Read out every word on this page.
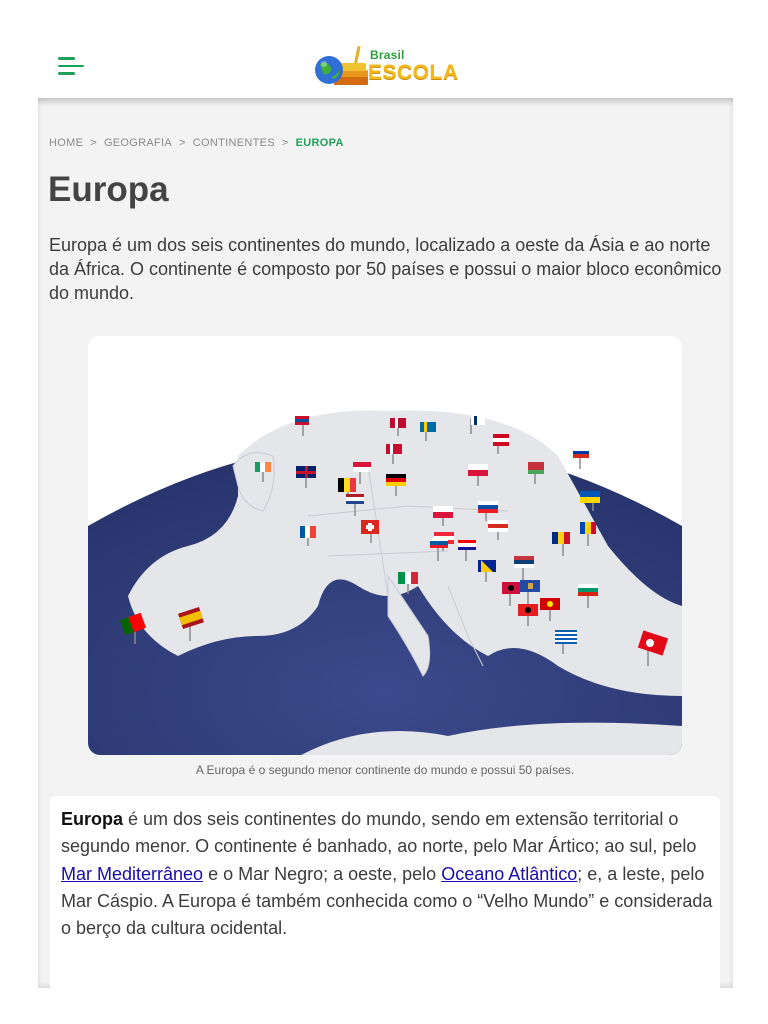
Brasil
ESCOLA
HOME > GEOGRAFIA > CONTINENTES > EUROPA
Europa

Europa é um dos seis continentes do mundo, localizado a oeste da Ásia e ao norte da África. O continente é composto por 50 países e possui o maior bloco econômico do mundo.

A Europa é o segundo menor continente do mundo e possui 50 países.

Europa é um dos seis continentes do mundo, sendo em extensão territorial o segundo menor. O continente é banhado, ao norte, pelo Mar Ártico; ao sul, pelo Mar Mediterrâneo e o Mar Negro; a oeste, pelo Oceano Atlântico; e, a leste, pelo Mar Cáspio. A Europa é também conhecida como o “Velho Mundo” e considerada o berço da cultura ocidental.
